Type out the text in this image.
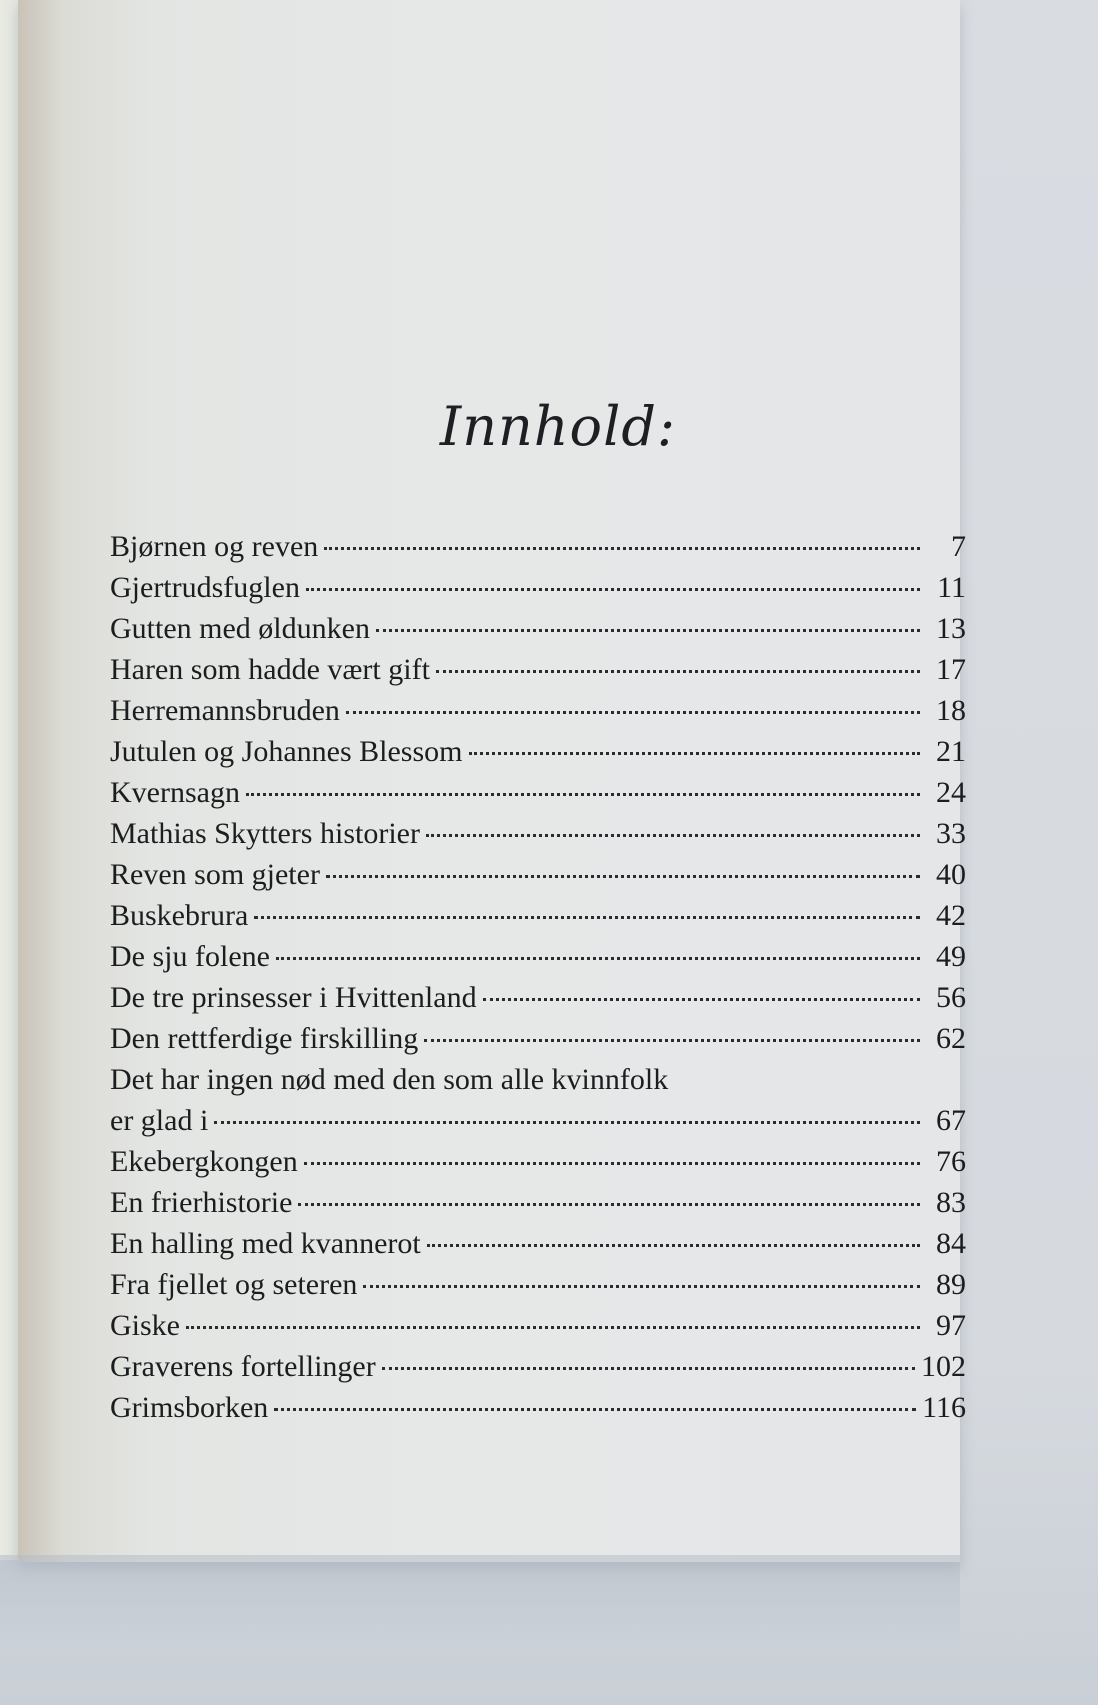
Innhold:
Bjørnen og reven	7
Gjertrudsfuglen	11
Gutten med øldunken	13
Haren som hadde vært gift	17
Herremannsbruden	18
Jutulen og Johannes Blessom	21
Kvernsagn	24
Mathias Skytters historier	33
Reven som gjeter	40
Buskebrura	42
De sju folene	49
De tre prinsesser i Hvittenland	56
Den rettferdige firskilling	62
Det har ingen nød med den som alle kvinnfolk
er glad i	67
Ekebergkongen	76
En frierhistorie	83
En halling med kvannerot	84
Fra fjellet og seteren	89
Giske	97
Graverens fortellinger	102
Grimsborken	116
